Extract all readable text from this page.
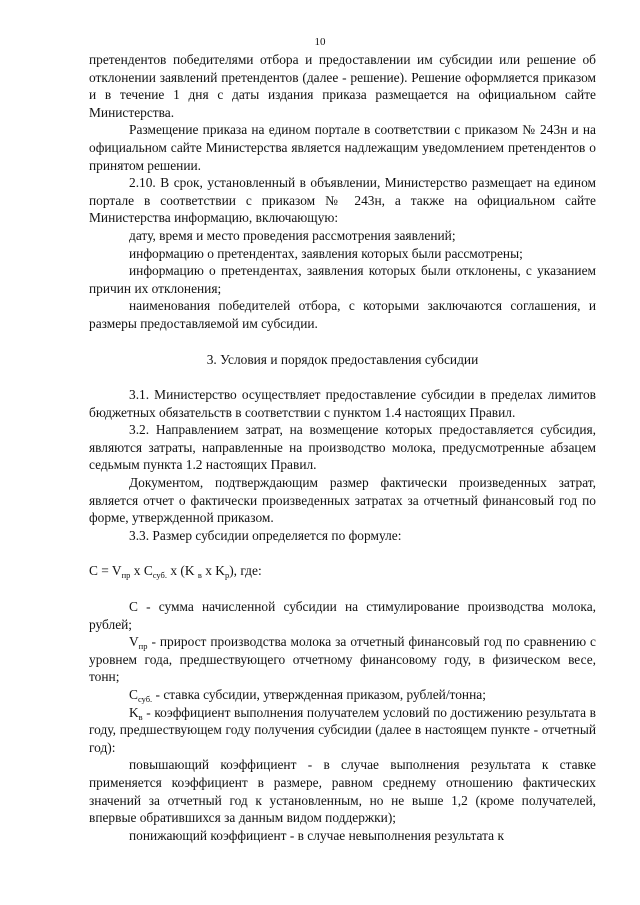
10

претендентов победителями отбора и предоставлении им субсидии или решение об отклонении заявлений претендентов (далее - решение). Решение оформляется приказом и в течение 1 дня с даты издания приказа размещается на официальном сайте Министерства.

Размещение приказа на едином портале в соответствии с приказом № 243н и на официальном сайте Министерства является надлежащим уведомлением претендентов о принятом решении.

2.10. В срок, установленный в объявлении, Министерство размещает на едином портале в соответствии с приказом № 243н, а также на официальном сайте Министерства информацию, включающую:

дату, время и место проведения рассмотрения заявлений;

информацию о претендентах, заявления которых были рассмотрены;

информацию о претендентах, заявления которых были отклонены, с указанием причин их отклонения;

наименования победителей отбора, с которыми заключаются соглашения, и размеры предоставляемой им субсидии.

3. Условия и порядок предоставления субсидии

3.1. Министерство осуществляет предоставление субсидии в пределах лимитов бюджетных обязательств в соответствии с пунктом 1.4 настоящих Правил.

3.2. Направлением затрат, на возмещение которых предоставляется субсидия, являются затраты, направленные на производство молока, предусмотренные абзацем седьмым пункта 1.2 настоящих Правил.

Документом, подтверждающим размер фактически произведенных затрат, является отчет о фактически произведенных затратах за отчетный финансовый год по форме, утвержденной приказом.

3.3. Размер субсидии определяется по формуле:

$C = V_{пр}$ x $C_{суб.}$ x (K $_в$ x $K_р$), где:

C - сумма начисленной субсидии на стимулирование производства молока, рублей;

$V_{пр}$ - прирост производства молока за отчетный финансовый год по сравнению с уровнем года, предшествующего отчетному финансовому году, в физическом весе, тонн;

$C_{суб.}$ - ставка субсидии, утвержденная приказом, рублей/тонна;

$K_в$ - коэффициент выполнения получателем условий по достижению результата в году, предшествующем году получения субсидии (далее в настоящем пункте - отчетный год):

повышающий коэффициент - в случае выполнения результата к ставке применяется коэффициент в размере, равном среднему отношению фактических значений за отчетный год к установленным, но не выше 1,2 (кроме получателей, впервые обратившихся за данным видом поддержки);

понижающий коэффициент - в случае невыполнения результата к
